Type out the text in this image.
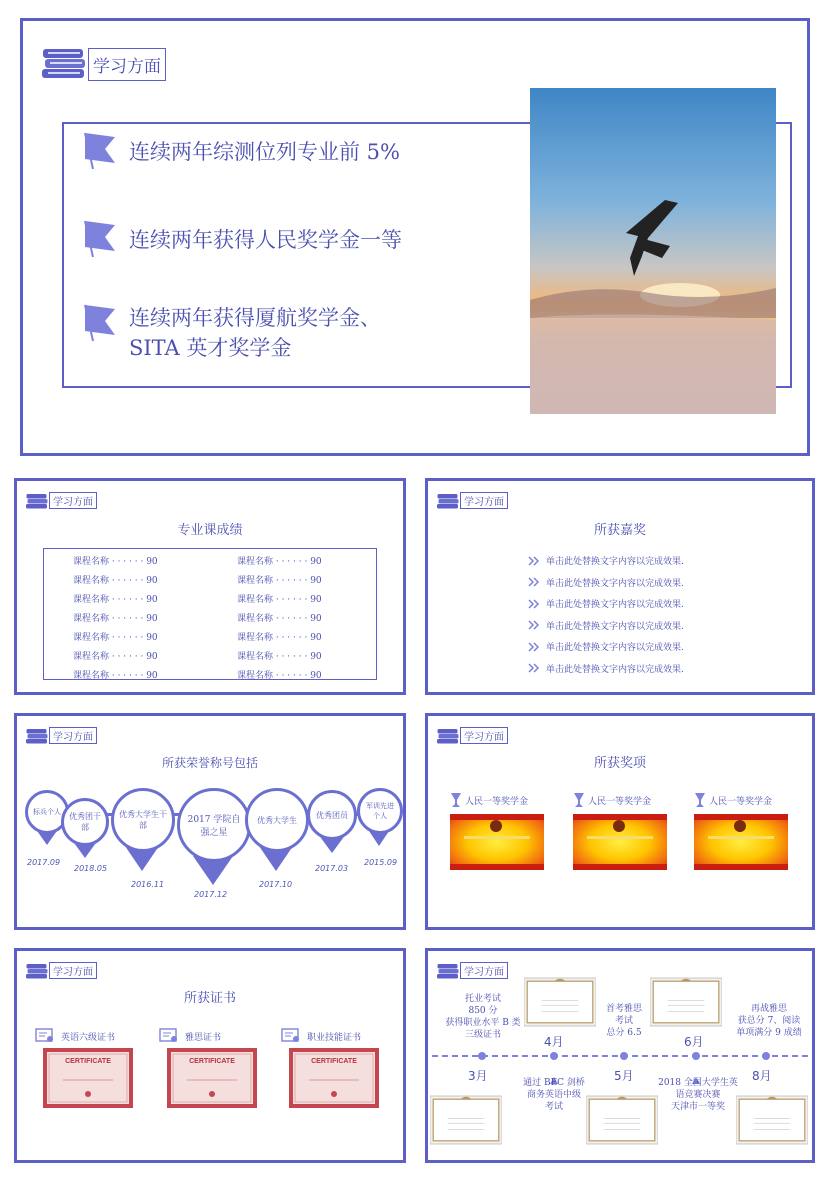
学习方面
连续两年综测位列专业前 5%
连续两年获得人民奖学金一等
连续两年获得厦航奖学金、
SITA 英才奖学金
学习方面
专业课成绩
课程名称 · · · · · · 90
课程名称 · · · · · · 90
课程名称 · · · · · · 90
课程名称 · · · · · · 90
课程名称 · · · · · · 90
课程名称 · · · · · · 90
课程名称 · · · · · · 90
课程名称 · · · · · · 90
课程名称 · · · · · · 90
课程名称 · · · · · · 90
课程名称 · · · · · · 90
课程名称 · · · · · · 90
课程名称 · · · · · · 90
课程名称 · · · · · · 90
学习方面
所获嘉奖
单击此处替换文字内容以完成效果.
单击此处替换文字内容以完成效果.
单击此处替换文字内容以完成效果.
单击此处替换文字内容以完成效果.
单击此处替换文字内容以完成效果.
单击此处替换文字内容以完成效果.
学习方面
所获荣誉称号包括
标兵个人
2017.09
优秀团干部
2018.05
优秀大学生干部
2016.11
2017 学院自强之星
2017.12
优秀大学生
2017.10
优秀团员
2017.03
军训先进个人
2015.09
学习方面
所获奖项
人民一等奖学金	人民一等奖学金	人民一等奖学金
学习方面
所获证书
英语六级证书
CERTIFICATE
雅思证书
CERTIFICATE
职业技能证书
CERTIFICATE
学习方面
3月
4月
5月
6月
8月
托业考试
850 分
获得职业水平 B 类
三级证书
首考雅思
考试
总分 6.5
再战雅思
获总分 7、阅读
单项满分 9 成绩
通过 BEC 剑桥
商务英语中级
考试
2018 全国大学生英
语竞赛决赛
天津市一等奖
